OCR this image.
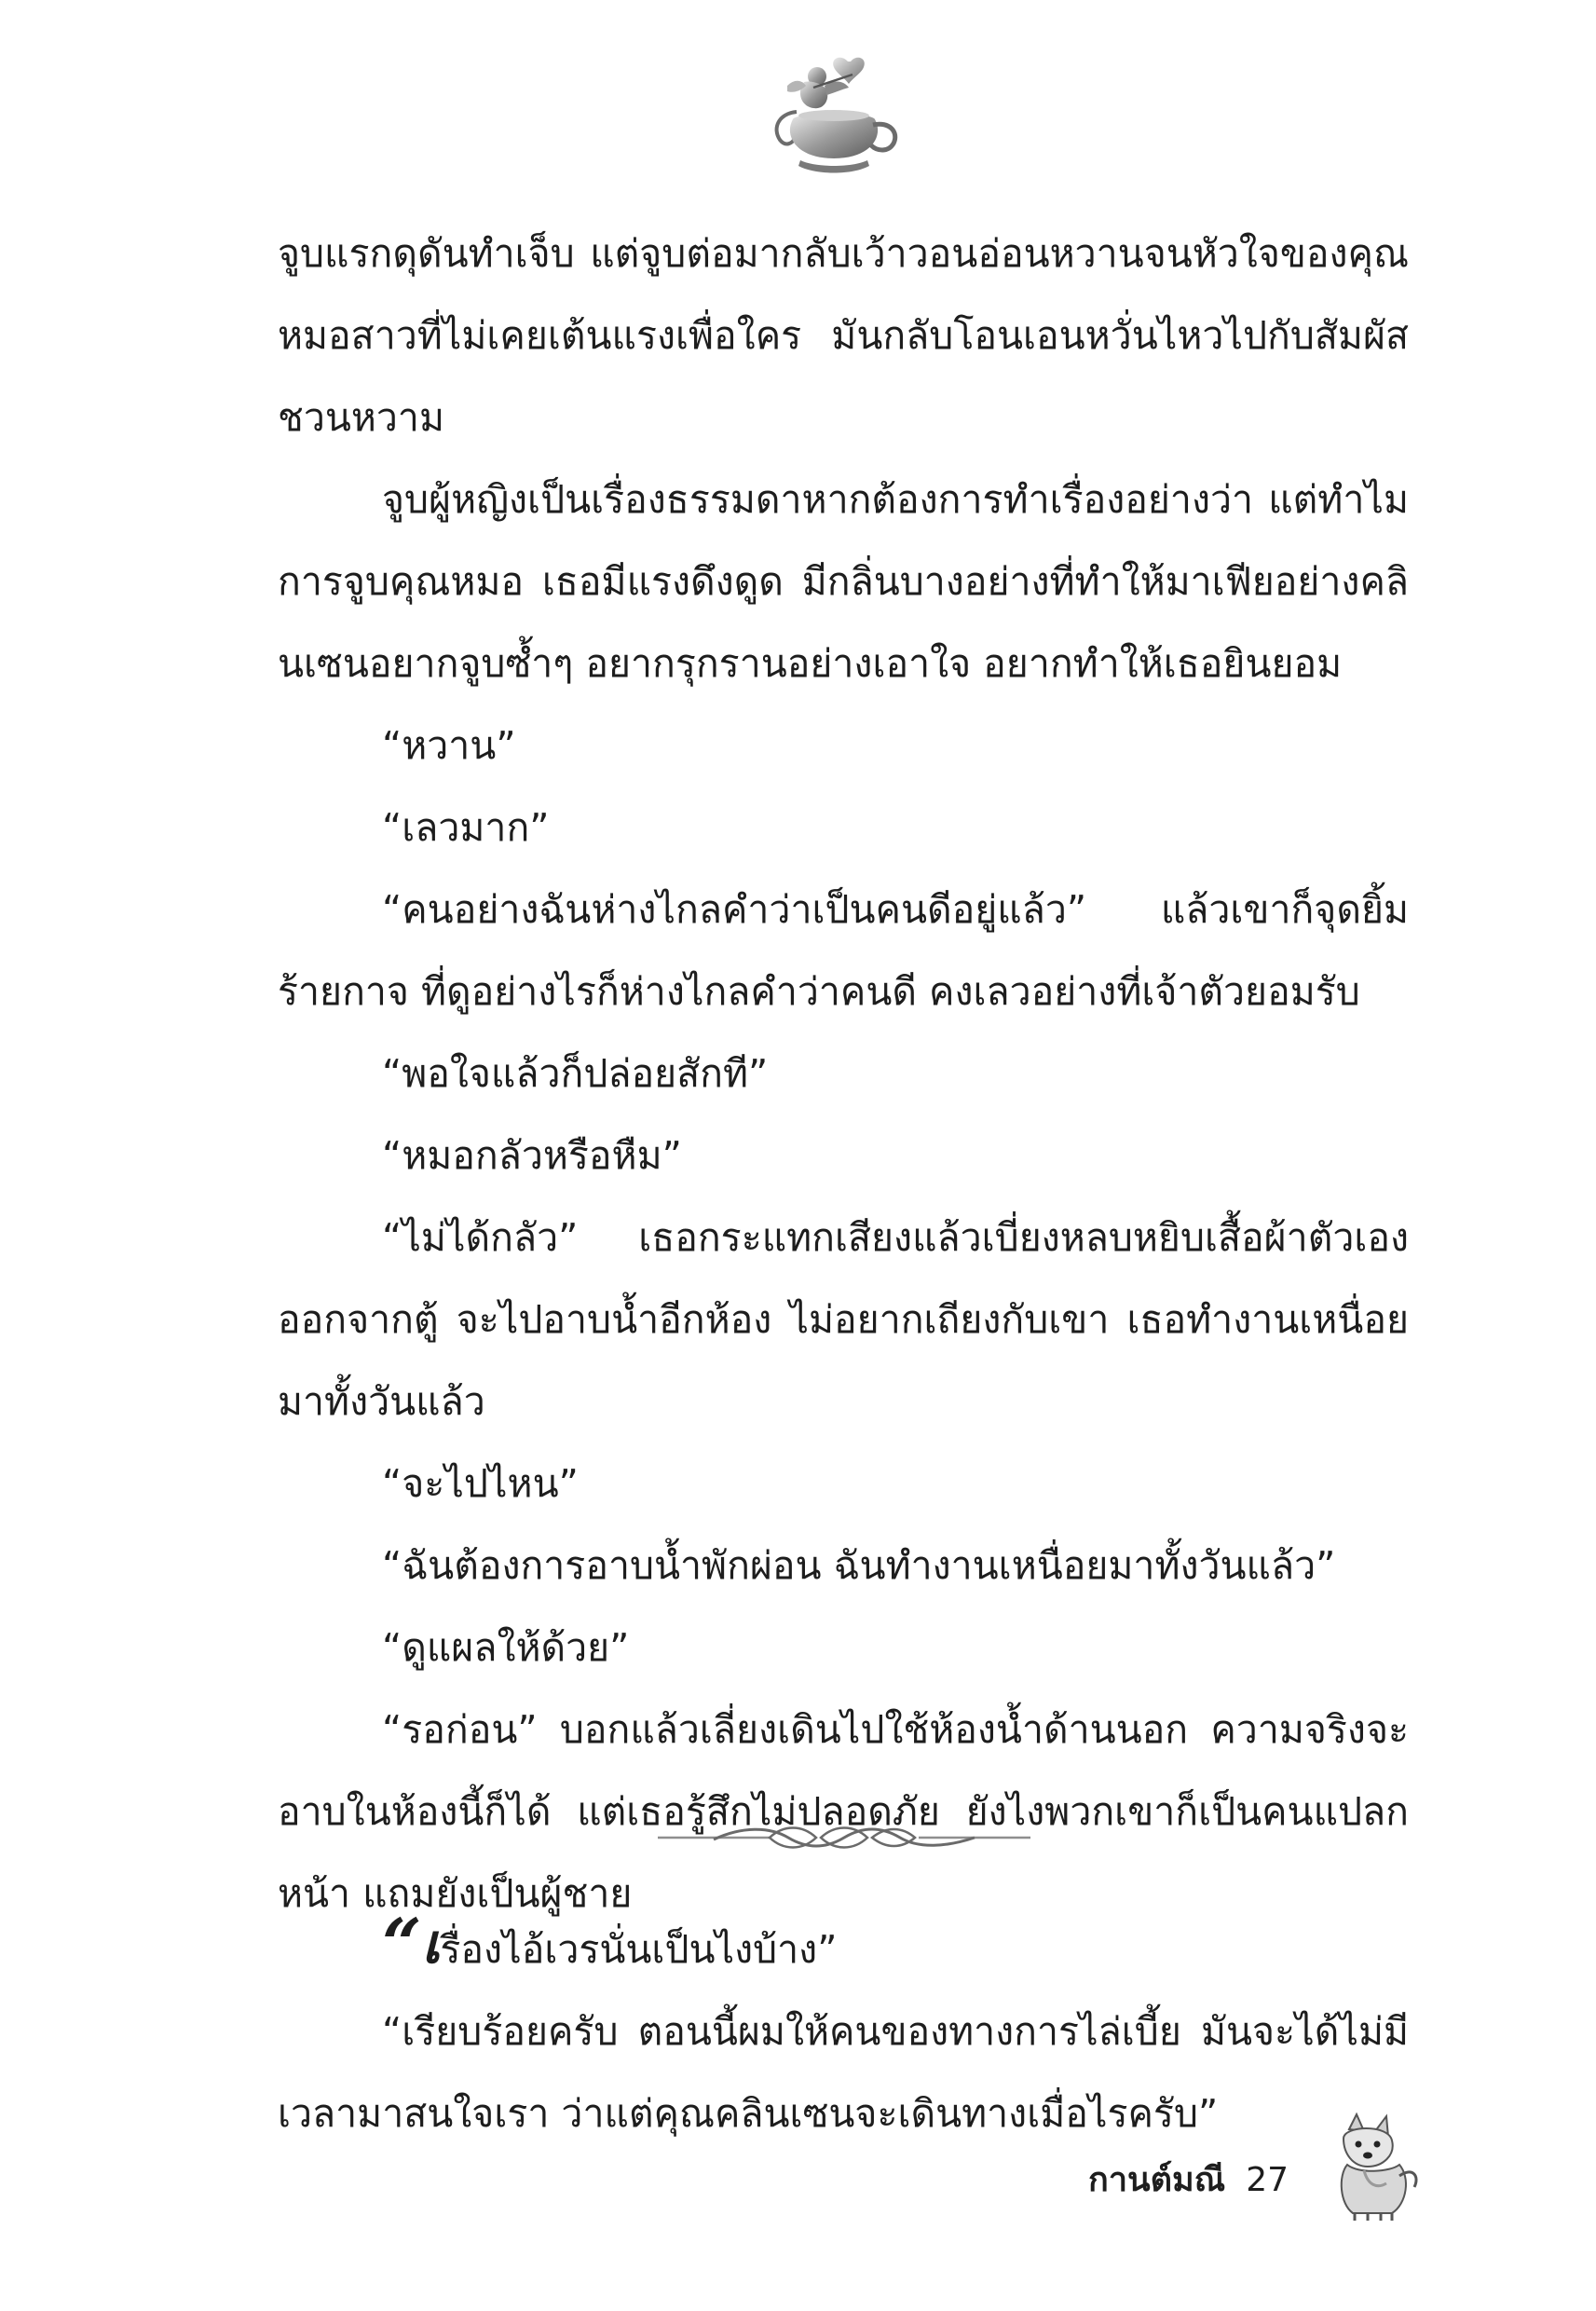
จูบแรกดุดันทำเจ็บ แต่จูบต่อมากลับเว้าวอนอ่อนหวานจนหัวใจของคุณหมอสาวที่ไม่เคยเต้นแรงเพื่อใคร มันกลับโอนเอนหวั่นไหวไปกับสัมผัสชวนหวาม

จูบผู้หญิงเป็นเรื่องธรรมดาหากต้องการทำเรื่องอย่างว่า แต่ทำไมการจูบคุณหมอ เธอมีแรงดึงดูด มีกลิ่นบางอย่างที่ทำให้มาเฟียอย่างคลินเซนอยากจูบซ้ำๆ อยากรุกรานอย่างเอาใจ อยากทำให้เธอยินยอม

“หวาน”

“เลวมาก”

“คนอย่างฉันห่างไกลคำว่าเป็นคนดีอยู่แล้ว” แล้วเขาก็จุดยิ้มร้ายกาจ ที่ดูอย่างไรก็ห่างไกลคำว่าคนดี คงเลวอย่างที่เจ้าตัวยอมรับ

“พอใจแล้วก็ปล่อยสักที”

“หมอกลัวหรือหืม”

“ไม่ได้กลัว” เธอกระแทกเสียงแล้วเบี่ยงหลบหยิบเสื้อผ้าตัวเองออกจากตู้ จะไปอาบน้ำอีกห้อง ไม่อยากเถียงกับเขา เธอทำงานเหนื่อยมาทั้งวันแล้ว

“จะไปไหน”

“ฉันต้องการอาบน้ำพักผ่อน ฉันทำงานเหนื่อยมาทั้งวันแล้ว”

“ดูแผลให้ด้วย”

“รอก่อน” บอกแล้วเลี่ยงเดินไปใช้ห้องน้ำด้านนอก ความจริงจะอาบในห้องนี้ก็ได้ แต่เธอรู้สึกไม่ปลอดภัย ยังไงพวกเขาก็เป็นคนแปลกหน้า แถมยังเป็นผู้ชาย

“เรื่องไอ้เวรนั่นเป็นไงบ้าง”

“เรียบร้อยครับ ตอนนี้ผมให้คนของทางการไล่เบี้ย มันจะได้ไม่มีเวลามาสนใจเรา ว่าแต่คุณคลินเซนจะเดินทางเมื่อไรครับ”

กานต์มณี 27
